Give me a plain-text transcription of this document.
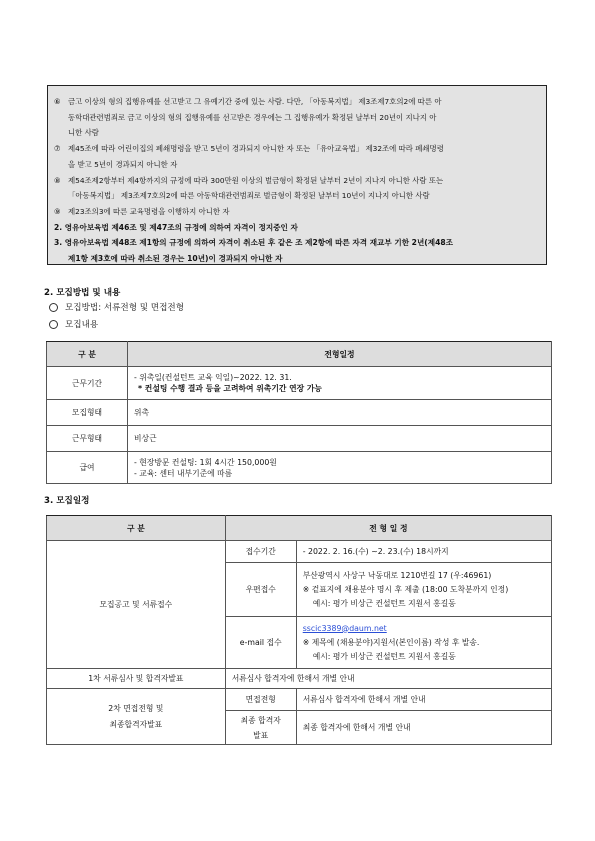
⑥ 금고 이상의 형의 집행유예를 선고받고 그 유예기간 중에 있는 사람. 다만, 「아동복지법」 제3조제7호의2에 따른 아
동학대관련범죄로 금고 이상의 형의 집행유예를 선고받은 경우에는 그 집행유예가 확정된 날부터 20년이 지나지 아
니한 사람
⑦ 제45조에 따라 어린이집의 폐쇄명령을 받고 5년이 경과되지 아니한 자 또는 「유아교육법」 제32조에 따라 폐쇄명령
을 받고 5년이 경과되지 아니한 자
⑧ 제54조제2항부터 제4항까지의 규정에 따라 300만원 이상의 벌금형이 확정된 날부터 2년이 지나지 아니한 사람 또는
「아동복지법」 제3조제7호의2에 따른 아동학대관련범죄로 벌금형이 확정된 날부터 10년이 지나지 아니한 사람
⑨ 제23조의3에 따른 교육명령을 이행하지 아니한 자
2. 영유아보육법 제46조 및 제47조의 규정에 의하여 자격이 정지중인 자
3. 영유아보육법 제48조 제1항의 규정에 의하여 자격이 취소된 후 같은 조 제2항에 따른 자격 재교부 기한 2년(제48조
제1항 제3호에 따라 취소된 경우는 10년)이 경과되지 아니한 자
2. 모집방법 및 내용
모집방법: 서류전형 및 면접전형
모집내용
구 분	전형일정
근무기간	- 위촉일(컨설턴트 교육 익일)~2022. 12. 31.
* 컨설팅 수행 결과 등을 고려하여 위촉기간 연장 가능

모집형태	위촉
근무형태	비상근
급여	- 현장방문 컨설팅: 1회 4시간 150,000원
- 교육: 센터 내부기준에 따름
3. 모집일정
구 분	전 형 일 정	
모집공고 및 서류접수	접수기간	- 2022. 2. 16.(수) ~2. 23.(수) 18시까지
	우편접수	부산광역시 사상구 낙동대로 1210번길 17 (우:46961)
※ 겉표지에 채용분야 명시 후 제출 (18:00 도착분까지 인정)
예시: 평가 비상근 컨설턴트 지원서 홍길동

	e-mail 접수	sscic3389@daum.net
※ 제목에 (채용분야)지원서(본인이름) 작성 후 발송.
예시: 평가 비상근 컨설턴트 지원서 홍길동

1차 서류심사 및 합격자발표	서류심사 합격자에 한해서 개별 안내	

2차 면접전형 및
최종합격자발표	면접전형	서류심사 합격자에 한해서 개별 안내

	최종 합격자
발표	최종 합격자에 한해서 개별 안내
